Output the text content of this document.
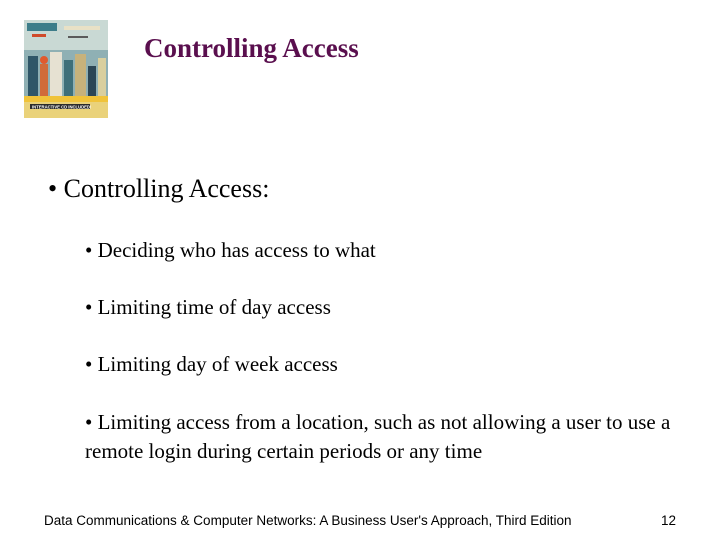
INTERACTIVE CD INCLUDED!
Controlling Access
• Controlling Access:
• Deciding who has access to what
• Limiting time of day access
• Limiting day of week access
• Limiting access from a location, such as not allowing a user to use a remote login during certain periods or any time
Data Communications & Computer Networks: A Business User's Approach, Third Edition	12
